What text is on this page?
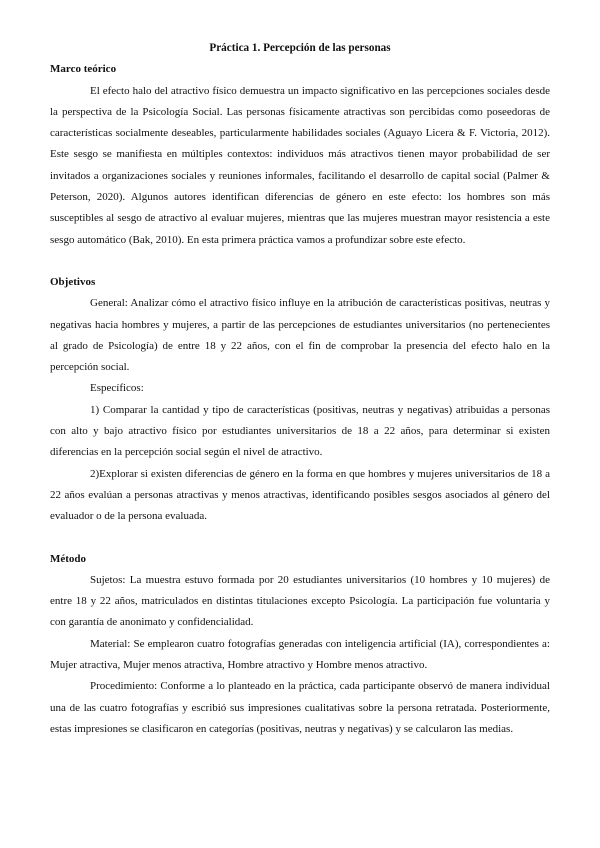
Práctica 1. Percepción de las personas

Marco teórico

El efecto halo del atractivo físico demuestra un impacto significativo en las percepciones sociales desde la perspectiva de la Psicología Social. Las personas físicamente atractivas son percibidas como poseedoras de características socialmente deseables, particularmente habilidades sociales (Aguayo Licera & F. Victoria, 2012). Este sesgo se manifiesta en múltiples contextos: individuos más atractivos tienen mayor probabilidad de ser invitados a organizaciones sociales y reuniones informales, facilitando el desarrollo de capital social (Palmer & Peterson, 2020). Algunos autores identifican diferencias de género en este efecto: los hombres son más susceptibles al sesgo de atractivo al evaluar mujeres, mientras que las mujeres muestran mayor resistencia a este sesgo automático (Bak, 2010). En esta primera práctica vamos a profundizar sobre este efecto.

Objetivos

General: Analizar cómo el atractivo físico influye en la atribución de características positivas, neutras y negativas hacia hombres y mujeres, a partir de las percepciones de estudiantes universitarios (no pertenecientes al grado de Psicología) de entre 18 y 22 años, con el fin de comprobar la presencia del efecto halo en la percepción social.

Específicos:

1) Comparar la cantidad y tipo de características (positivas, neutras y negativas) atribuidas a personas con alto y bajo atractivo físico por estudiantes universitarios de 18 a 22 años, para determinar si existen diferencias en la percepción social según el nivel de atractivo.

2)Explorar si existen diferencias de género en la forma en que hombres y mujeres universitarios de 18 a 22 años evalúan a personas atractivas y menos atractivas, identificando posibles sesgos asociados al género del evaluador o de la persona evaluada.

Método

Sujetos: La muestra estuvo formada por 20 estudiantes universitarios (10 hombres y 10 mujeres) de entre 18 y 22 años, matriculados en distintas titulaciones excepto Psicología. La participación fue voluntaria y con garantía de anonimato y confidencialidad.

Material: Se emplearon cuatro fotografías generadas con inteligencia artificial (IA), correspondientes a: Mujer atractiva, Mujer menos atractiva, Hombre atractivo y Hombre menos atractivo.

Procedimiento: Conforme a lo planteado en la práctica, cada participante observó de manera individual una de las cuatro fotografías y escribió sus impresiones cualitativas sobre la persona retratada. Posteriormente, estas impresiones se clasificaron en categorías (positivas, neutras y negativas) y se calcularon las medias.
